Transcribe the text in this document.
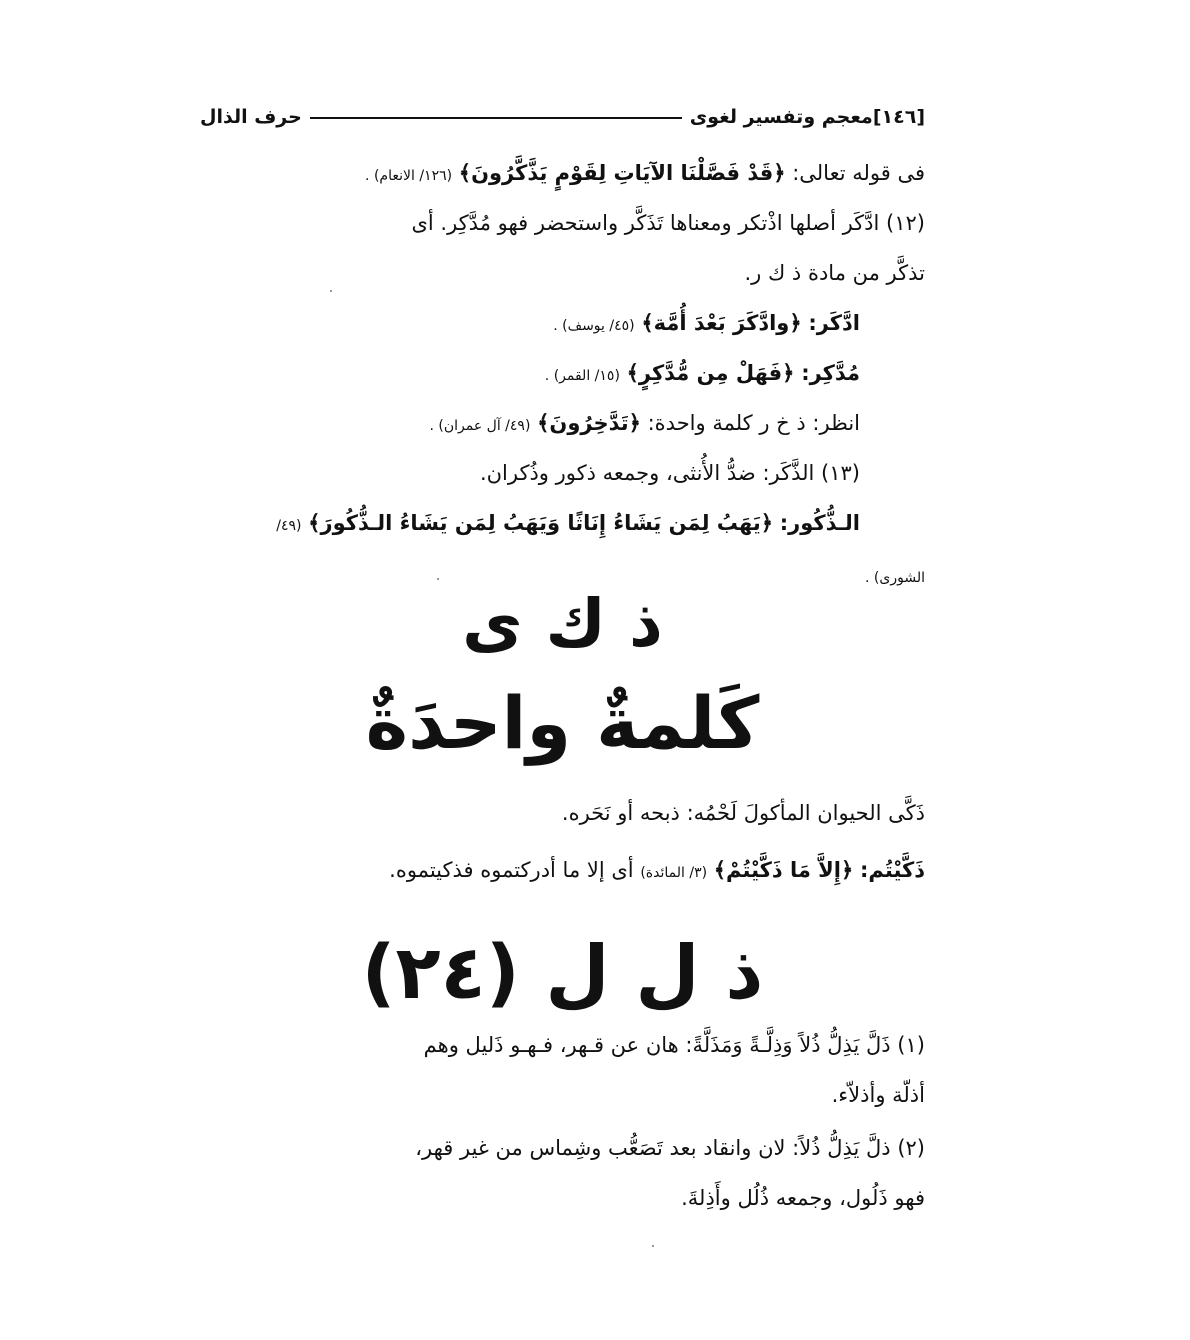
[١٤٦]
معجم وتفسير لغوى
حرف الذال
فى قوله تعالى: ﴿قَدْ فَصَّلْنَا الآيَاتِ لِقَوْمٍ يَذَّكَّرُونَ﴾ (١٢٦/ الانعام) .
(١٢) ادَّكَر أصلها اذْتكر ومعناها تَذَكَّر واستحضر فهو مُدَّكِر. أى
تذكَّر من مادة ذ ك ر.
ادَّكَر: ﴿وادَّكَرَ بَعْدَ أُمَّة﴾ (٤٥/ يوسف) .
مُدَّكِر: ﴿فَهَلْ مِن مُّدَّكِرٍ﴾ (١٥/ القمر) .
انظر: ذ خ ر كلمة واحدة: ﴿تَدَّخِرُونَ﴾ (٤٩/ آل عمران) .
(١٣) الذَّكَر: ضدُّ الأُنثى، وجمعه ذكور وذُكران.
الـذُّكُور: ﴿يَهَبُ لِمَن يَشَاءُ إِنَاثًا وَيَهَبُ لِمَن يَشَاءُ الـذُّكُورَ﴾ (٤٩/
الشورى) .
ذ ك ى
كَلمةٌ واحدَةٌ
ذَكَّى الحيوان المأكولَ لَحْمُه: ذبحه أو نَحَره.
ذَكَّيْتُم: ﴿إِلاَّ مَا ذَكَّيْتُمْ﴾ (٣/ المائدة) أى إلا ما أدركتموه فذكيتموه.
ذ ل ل (٢٤)
(١) ذَلَّ يَذِلُّ ذُلاً وَذِلَّـةً وَمَذَلَّةً: هان عن قـهر، فـهـو ذَليل وهم
أذلّة وأذلاّء.
(٢) ذلَّ يَذِلُّ ذُلاً: لان وانقاد بعد تَصَعُّب وشِماس من غير قهر،
فهو ذَلُول، وجمعه ذُلُل وأَذِلةَ.
